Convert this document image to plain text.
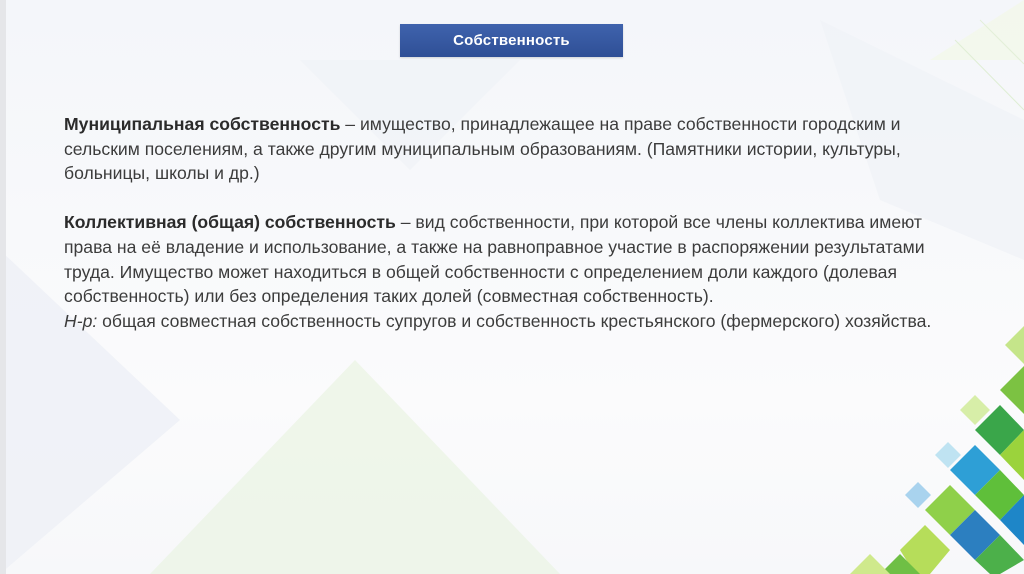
Собственность

Муниципальная собственность – имущество, принадлежащее на праве собственности городским и сельским поселениям, а также другим муниципальным образованиям. (Памятники истории, культуры, больницы, школы и др.)

Коллективная (общая) собственность – вид собственности, при которой все члены коллектива имеют права на её владение и использование, а также на равноправное участие в распоряжении результатами труда. Имущество может находиться в общей собственности с определением доли каждого (долевая собственность) или без определения таких долей (совместная собственность).
Н-р: общая совместная собственность супругов и собственность крестьянского (фермерского) хозяйства.
